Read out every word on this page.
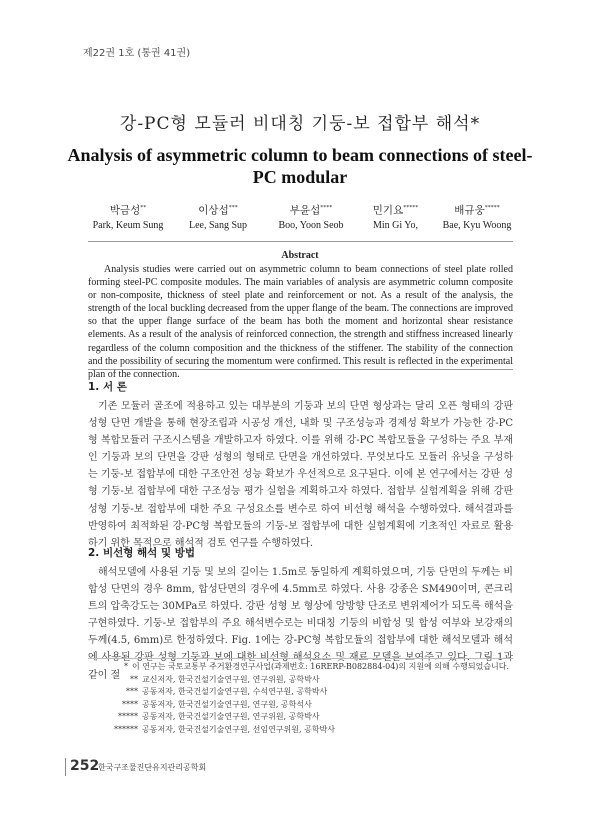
제22권 1호 (통권 41권)
강-PC형 모듈러 비대칭 기둥-보 접합부 해석*
Analysis of asymmetric column to beam connections of steel-PC modular
박금성**
Park, Keum Sung
이상섭***
Lee, Sang Sup
부윤섭****
Boo, Yoon Seob
민기요*****
Min Gi Yo,
배규웅*****
Bae, Kyu Woong
Abstract
Analysis studies were carried out on asymmetric column to beam connections of steel plate rolled forming steel-PC composite modules. The main variables of analysis are asymmetric column composite or non-composite, thickness of steel plate and reinforcement or not. As a result of the analysis, the strength of the local buckling decreased from the upper flange of the beam. The connections are improved so that the upper flange surface of the beam has both the moment and horizontal shear resistance elements. As a result of the analysis of reinforced connection, the strength and stiffness increased linearly regardless of the column composition and the thickness of the stiffener. The stability of the connection and the possibility of securing the momentum were confirmed. This result is reflected in the experimental plan of the connection.
1. 서 론
기존 모듈러 골조에 적용하고 있는 대부분의 기둥과 보의 단면 형상과는 달리 오픈 형태의 강판 성형 단면 개발을 통해 현장조립과 시공성 개선, 내화 및 구조성능과 경제성 확보가 가능한 강-PC형 복합모듈러 구조시스템을 개발하고자 하였다. 이를 위해 강-PC 복합모듈을 구성하는 주요 부재인 기둥과 보의 단면을 강판 성형의 형태로 단면을 개선하였다. 무엇보다도 모듈러 유닛을 구성하는 기둥-보 접합부에 대한 구조안전 성능 확보가 우선적으로 요구된다. 이에 본 연구에서는 강판 성형 기둥-보 접합부에 대한 구조성능 평가 실험을 계획하고자 하였다. 접합부 실험계획을 위해 강판 성형 기둥-보 접합부에 대한 주요 구성요소를 변수로 하여 비선형 해석을 수행하였다. 해석결과를 반영하여 최적화된 강-PC형 복합모듈의 기둥-보 접합부에 대한 실험계획에 기초적인 자료로 활용하기 위한 목적으로 해석적 검토 연구를 수행하였다.
2. 비선형 해석 및 방법
해석모델에 사용된 기둥 및 보의 길이는 1.5m로 동일하게 계획하였으며, 기둥 단면의 두께는 비합성 단면의 경우 8mm, 합성단면의 경우에 4.5mm로 하였다. 사용 강종은 SM490이며, 콘크리트의 압축강도는 30MPa로 하였다. 강판 성형 보 형상에 앙방향 단조로 변위제어가 되도록 해석을 구현하였다. 기둥-보 접합부의 주요 해석변수로는 비대칭 기둥의 비합성 및 합성 여부와 보강재의 두께(4.5, 6mm)로 한정하였다. Fig. 1에는 강-PC형 복합모듈의 접합부에 대한 해석모델과 해석에 사용된 강판 성형 기둥과 보에 대한 비선형 해석요소 및 재료 모델을 보여주고 있다. 그림 1과 같이 절
* 이 연구는 국토교통부 주거환경연구사업(과제번호: 16RERP-B082884-04)의 지원에 의해 수행되었습니다.
** 교신저자, 한국건설기술연구원, 연구위원, 공학박사
*** 공동저자, 한국건설기술연구원, 수석연구원, 공학박사
**** 공동저자, 한국건설기술연구원, 연구원, 공학석사
***** 공동저자, 한국건설기술연구원, 연구위원, 공학박사
****** 공동저자, 한국건설기술연구원, 선임연구위원, 공학박사
252
한국구조물진단유지관리공학회
